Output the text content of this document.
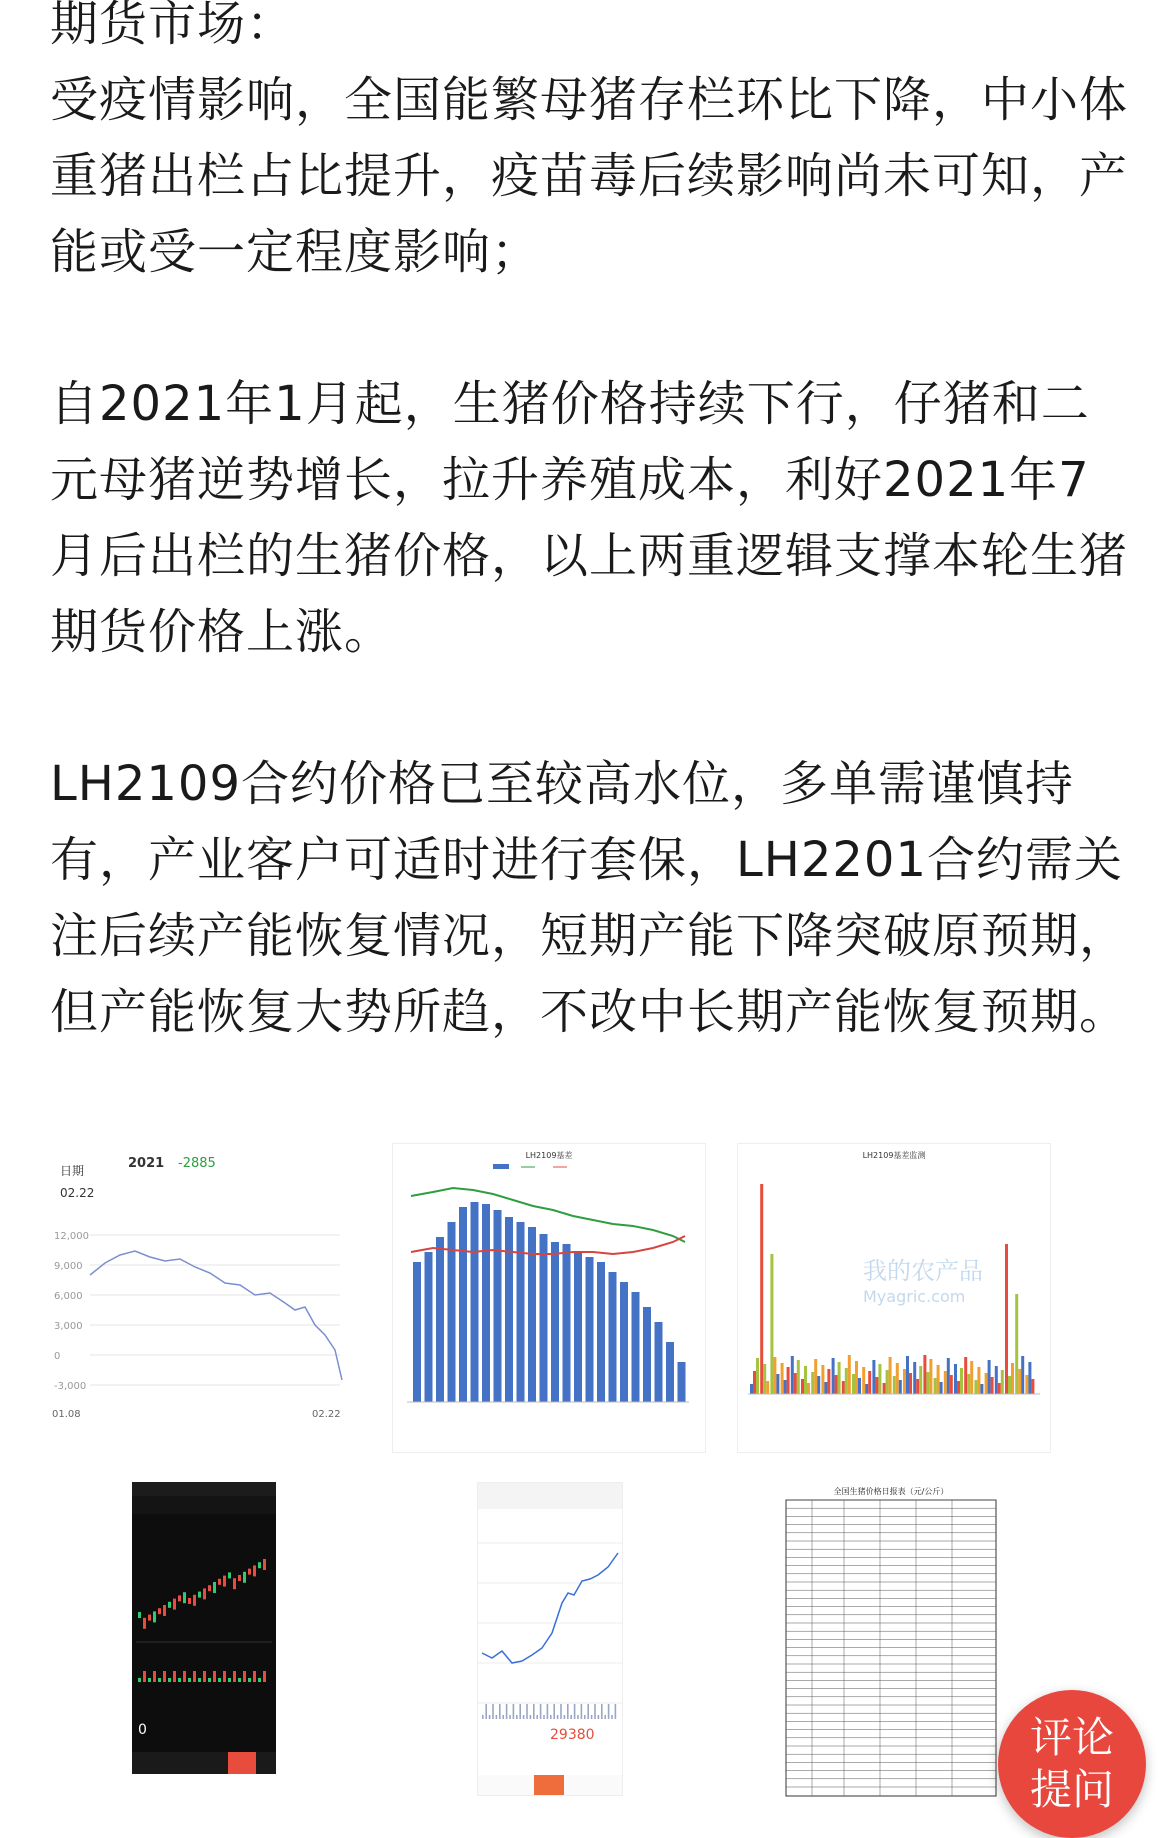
期货市场：

受疫情影响，全国能繁母猪存栏环比下降，中小体重猪出栏占比提升，疫苗毒后续影响尚未可知，产能或受一定程度影响；

自2021年1月起，生猪价格持续下行，仔猪和二元母猪逆势增长，拉升养殖成本，利好2021年7月后出栏的生猪价格，以上两重逻辑支撑本轮生猪期货价格上涨。

LH2109合约价格已至较高水位，多单需谨慎持有，产业客户可适时进行套保，LH2201合约需关注后续产能恢复情况，短期产能下降突破原预期，但产能恢复大势所趋，不改中长期产能恢复预期。

日期
02.22
2021 -2885
12,000
9,000
6,000
3,000
0
-3,000
01.08	02.22
LH2109基差	LH2109基差监测
我的农产品
Myagric.com
0	29380
全国生猪价格日报表（元/公斤）
评论
提问
